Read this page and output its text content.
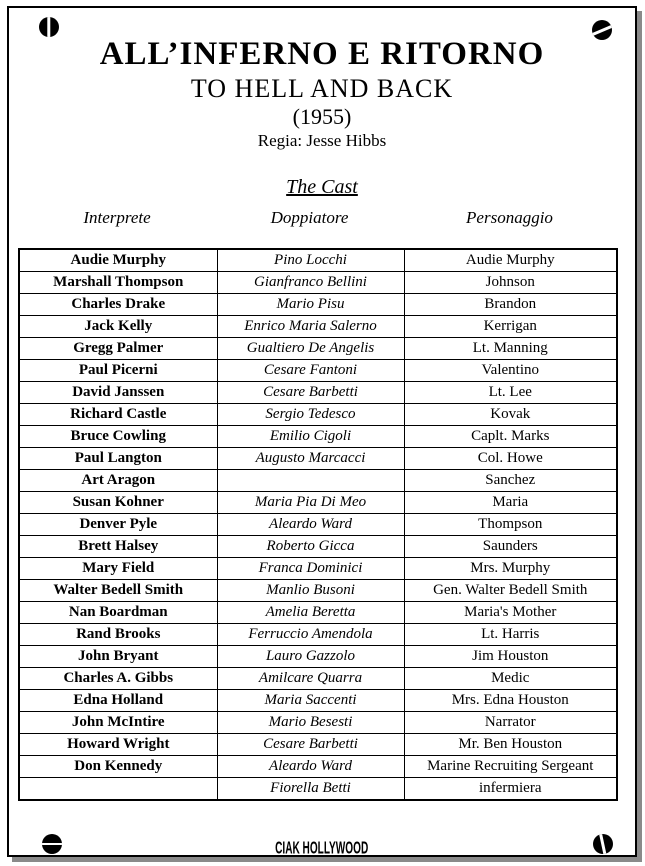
ALL’INFERNO E RITORNO
TO HELL AND BACK
(1955)
Regia: Jesse Hibbs
The Cast
Interprete	Doppiatore	Personaggio
Audie Murphy	Pino Locchi	Audie Murphy
Marshall Thompson	Gianfranco Bellini	Johnson
Charles Drake	Mario Pisu	Brandon
Jack Kelly	Enrico Maria Salerno	Kerrigan
Gregg Palmer	Gualtiero De Angelis	Lt. Manning
Paul Picerni	Cesare Fantoni	Valentino
David Janssen	Cesare Barbetti	Lt. Lee
Richard Castle	Sergio Tedesco	Kovak
Bruce Cowling	Emilio Cigoli	Caplt. Marks
Paul Langton	Augusto Marcacci	Col. Howe
Art Aragon		Sanchez
Susan Kohner	Maria Pia Di Meo	Maria
Denver Pyle	Aleardo Ward	Thompson
Brett Halsey	Roberto Gicca	Saunders
Mary Field	Franca Dominici	Mrs. Murphy
Walter Bedell Smith	Manlio Busoni	Gen. Walter Bedell Smith
Nan Boardman	Amelia Beretta	Maria's Mother
Rand Brooks	Ferruccio Amendola	Lt. Harris
John Bryant	Lauro Gazzolo	Jim Houston
Charles A. Gibbs	Amilcare Quarra	Medic
Edna Holland	Maria Saccenti	Mrs. Edna Houston
John McIntire	Mario Besesti	Narrator
Howard Wright	Cesare Barbetti	Mr. Ben Houston
Don Kennedy	Aleardo Ward	Marine Recruiting Sergeant
	Fiorella Betti	infermiera
CIAK HOLLYWOOD
